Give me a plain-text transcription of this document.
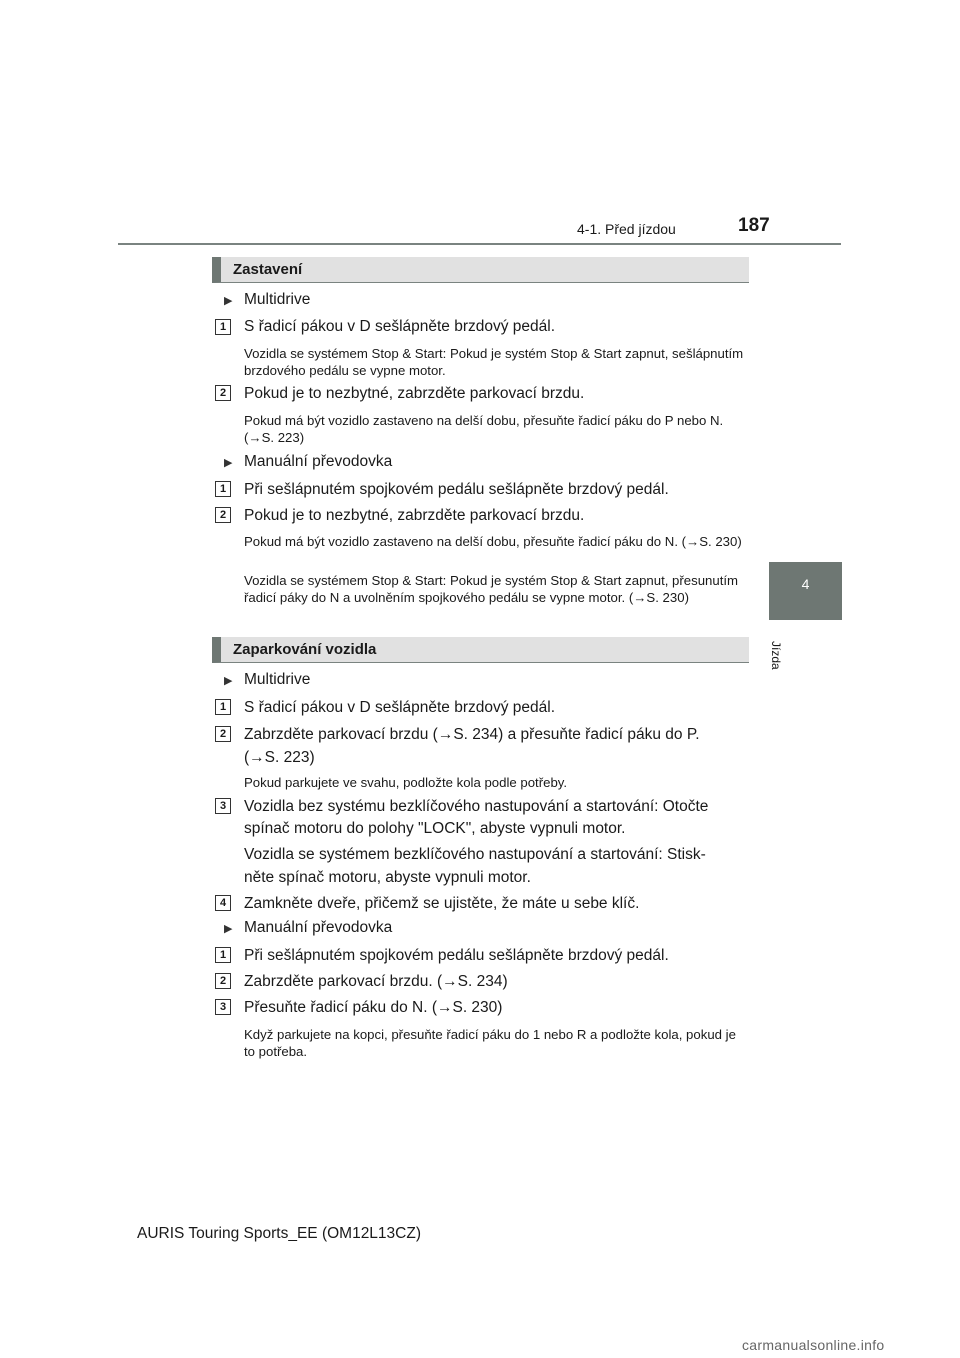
4-1. Před jízdou	187
4
Jízda
Zastavení
▶ Multidrive
1	S řadicí pákou v D sešlápněte brzdový pedál.
Vozidla se systémem Stop & Start: Pokud je systém Stop & Start zapnut, sešlápnutím brzdového pedálu se vypne motor.
2	Pokud je to nezbytné, zabrzděte parkovací brzdu.
Pokud má být vozidlo zastaveno na delší dobu, přesuňte řadicí páku do P nebo N. (→S. 223)
▶ Manuální převodovka
1	Při sešlápnutém spojkovém pedálu sešlápněte brzdový pedál.
2	Pokud je to nezbytné, zabrzděte parkovací brzdu.
Pokud má být vozidlo zastaveno na delší dobu, přesuňte řadicí páku do N. (→S. 230)
Vozidla se systémem Stop & Start: Pokud je systém Stop & Start zapnut, přesunutím řadicí páky do N a uvolněním spojkového pedálu se vypne motor. (→S. 230)
Zaparkování vozidla
▶ Multidrive
1	S řadicí pákou v D sešlápněte brzdový pedál.
2	Zabrzděte parkovací brzdu (→S. 234) a přesuňte řadicí páku do P.
(→S. 223)
Pokud parkujete ve svahu, podložte kola podle potřeby.
3	Vozidla bez systému bezklíčového nastupování a startování: Otočte
spínač motoru do polohy "LOCK", abyste vypnuli motor.
Vozidla se systémem bezklíčového nastupování a startování: Stisk-
něte spínač motoru, abyste vypnuli motor.
4	Zamkněte dveře, přičemž se ujistěte, že máte u sebe klíč.
▶ Manuální převodovka
1	Při sešlápnutém spojkovém pedálu sešlápněte brzdový pedál.
2	Zabrzděte parkovací brzdu. (→S. 234)
3	Přesuňte řadicí páku do N. (→S. 230)
Když parkujete na kopci, přesuňte řadicí páku do 1 nebo R a podložte kola, pokud je to potřeba.
AURIS Touring Sports_EE (OM12L13CZ)
carmanualsonline.info
